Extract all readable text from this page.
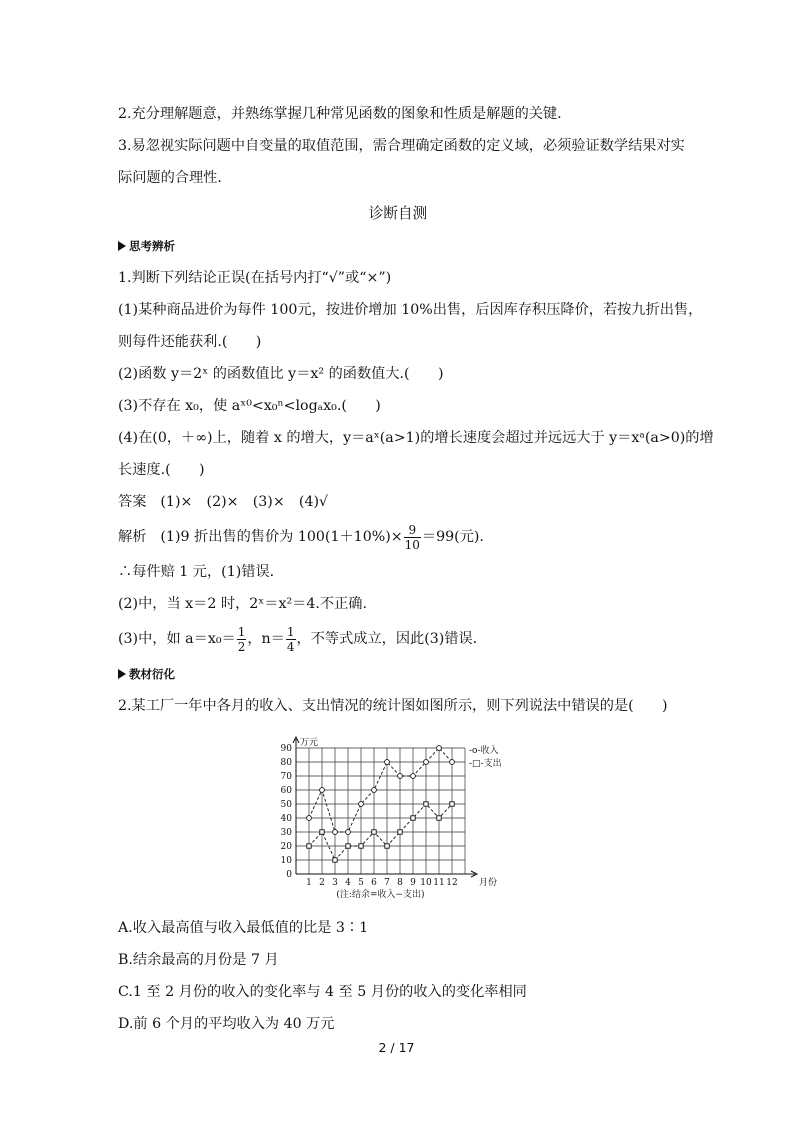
2.充分理解题意，并熟练掌握几种常见函数的图象和性质是解题的关键.

3.易忽视实际问题中自变量的取值范围，需合理确定函数的定义域，必须验证数学结果对实

际问题的合理性.

诊断自测

思考辨析

1.判断下列结论正误(在括号内打“√”或“×”)

(1)某种商品进价为每件 100元，按进价增加 10%出售，后因库存积压降价，若按九折出售，

则每件还能获利.(　　)

(2)函数 y＝2ˣ 的函数值比 y＝x² 的函数值大.(　　)

(3)不存在 x₀，使 aˣ⁰<x₀ⁿ<logₐx₀.(　　)

(4)在(0，＋∞)上，随着 x 的增大，y＝aˣ(a>1)的增长速度会超过并远远大于 y＝xᵃ(a>0)的增

长速度.(　　)

答案 (1)×　(2)×　(3)×　(4)√

解析 (1)9 折出售的售价为 $100(1+10\%)\times \frac{9}{10} =99$(元).

∴每件赔 1 元，(1)错误.

(2)中，当 x＝2 时，2ˣ＝x²＝4.不正确.

(3)中，如 $a=x_0= \frac{1}{2}$ ，$n= \frac{1}{4}$ ，不等式成立，因此(3)错误.

教材衍化

2.某工厂一年中各月的收入、支出情况的统计图如图所示，则下列说法中错误的是(　　)

0
10
20
30
40
50
60
70
80
90
1 2 3 4 5 6 7 8 9 10 11 12
万元
月份
(注:结余=收入−支出)
-o-收入
-□-支出

A.收入最高值与收入最低值的比是 3∶1

B.结余最高的月份是 7 月

C.1 至 2 月份的收入的变化率与 4 至 5 月份的收入的变化率相同

D.前 6 个月的平均收入为 40 万元

2 / 17
